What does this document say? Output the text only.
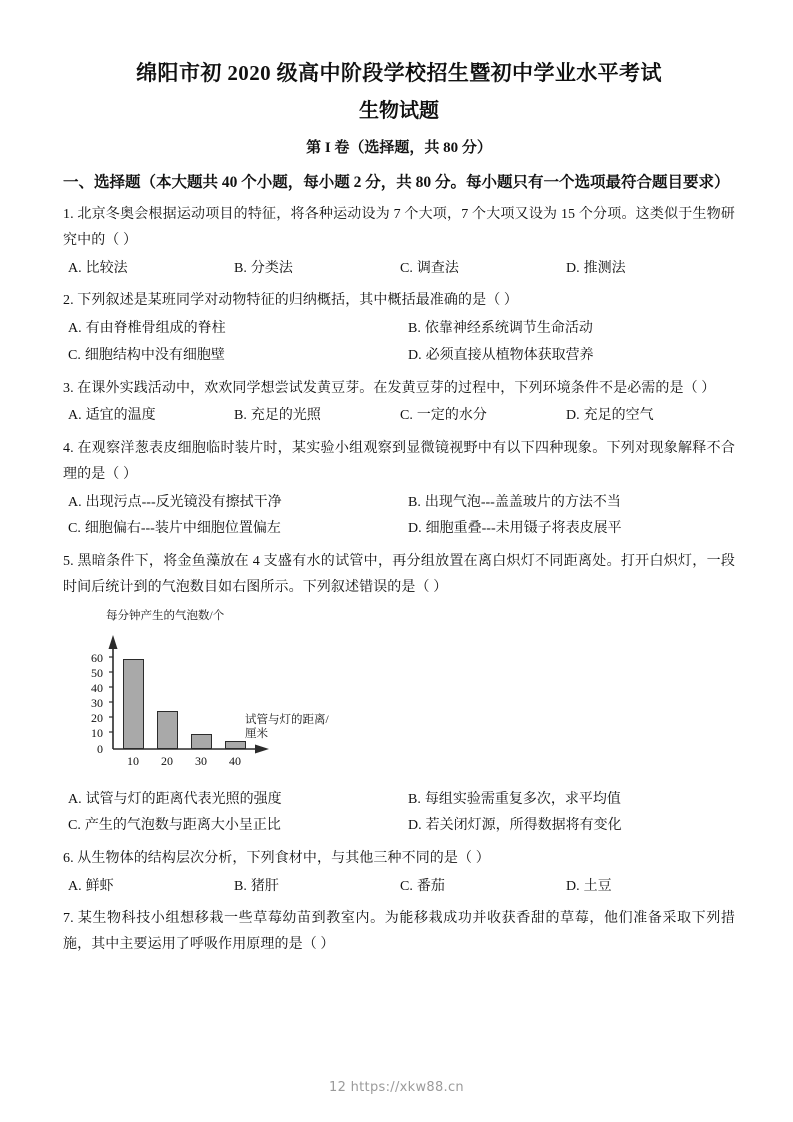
绵阳市初 2020 级高中阶段学校招生暨初中学业水平考试
生物试题
第 I 卷（选择题，共 80 分）
一、选择题（本大题共 40 个小题，每小题 2 分，共 80 分。每小题只有一个选项最符合题目要求）
1. 北京冬奥会根据运动项目的特征，将各种运动设为 7 个大项，7 个大项又设为 15 个分项。这类似于生物研究中的（ ）
A. 比较法	B. 分类法	C. 调查法	D. 推测法
2. 下列叙述是某班同学对动物特征的归纳概括，其中概括最准确的是（ ）
A. 有由脊椎骨组成的脊柱	B. 依靠神经系统调节生命活动
C. 细胞结构中没有细胞壁	D. 必须直接从植物体获取营养
3. 在课外实践活动中，欢欢同学想尝试发黄豆芽。在发黄豆芽的过程中，下列环境条件不是必需的是（ ）
A. 适宜的温度	B. 充足的光照	C. 一定的水分	D. 充足的空气
4. 在观察洋葱表皮细胞临时装片时，某实验小组观察到显微镜视野中有以下四种现象。下列对现象解释不合理的是（ ）
A. 出现污点---反光镜没有擦拭干净	B. 出现气泡---盖盖玻片的方法不当
C. 细胞偏右---装片中细胞位置偏左	D. 细胞重叠---未用镊子将表皮展平
5. 黑暗条件下，将金鱼藻放在 4 支盛有水的试管中，再分组放置在离白炽灯不同距离处。打开白炽灯，一段时间后统计到的气泡数目如右图所示。下列叙述错误的是（ ）
每分钟产生的气泡数/个
试管与灯的距离/厘米
60
50
40
30
20
10
0
10	20	30	40
A. 试管与灯的距离代表光照的强度	B. 每组实验需重复多次，求平均值
C. 产生的气泡数与距离大小呈正比	D. 若关闭灯源，所得数据将有变化
6. 从生物体的结构层次分析，下列食材中，与其他三种不同的是（ ）
A. 鲜虾	B. 猪肝	C. 番茄	D. 土豆
7. 某生物科技小组想移栽一些草莓幼苗到教室内。为能移栽成功并收获香甜的草莓，他们准备采取下列措施，其中主要运用了呼吸作用原理的是（ ）
12 https://xkw88.cn
